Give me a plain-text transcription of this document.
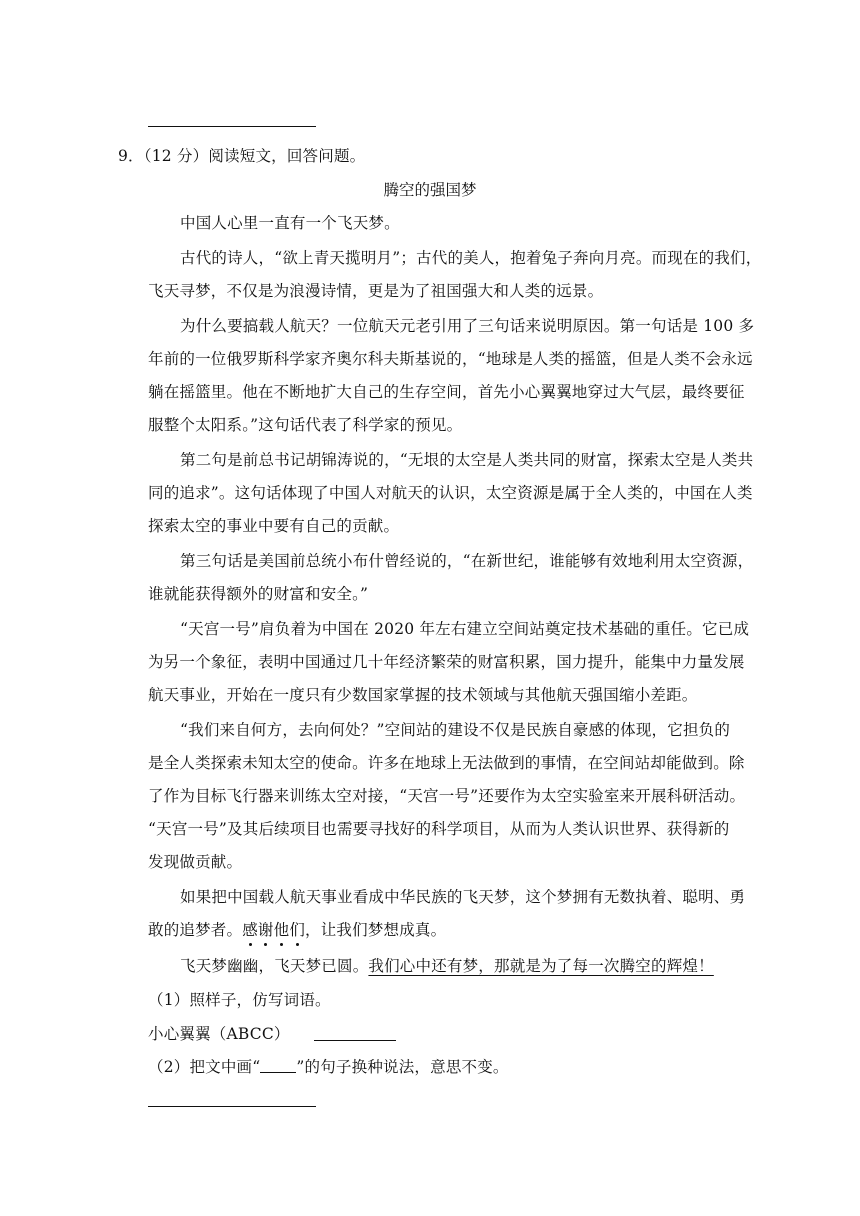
9．（12 分）阅读短文，回答问题。
腾空的强国梦
中国人心里一直有一个飞天梦。
古代的诗人，“欲上青天揽明月”；古代的美人，抱着兔子奔向月亮。而现在的我们，
飞天寻梦，不仅是为浪漫诗情，更是为了祖国强大和人类的远景。
为什么要搞载人航天？一位航天元老引用了三句话来说明原因。第一句话是 100 多
年前的一位俄罗斯科学家齐奥尔科夫斯基说的，“地球是人类的摇篮，但是人类不会永远
躺在摇篮里。他在不断地扩大自己的生存空间，首先小心翼翼地穿过大气层，最终要征
服整个太阳系。”这句话代表了科学家的预见。
第二句是前总书记胡锦涛说的，“无垠的太空是人类共同的财富，探索太空是人类共
同的追求”。这句话体现了中国人对航天的认识，太空资源是属于全人类的，中国在人类
探索太空的事业中要有自己的贡献。
第三句话是美国前总统小布什曾经说的，“在新世纪，谁能够有效地利用太空资源，
谁就能获得额外的财富和安全。”
“天宫一号”肩负着为中国在 2020 年左右建立空间站奠定技术基础的重任。它已成
为另一个象征，表明中国通过几十年经济繁荣的财富积累，国力提升，能集中力量发展
航天事业，开始在一度只有少数国家掌握的技术领域与其他航天强国缩小差距。
“我们来自何方，去向何处？”空间站的建设不仅是民族自豪感的体现，它担负的
是全人类探索未知太空的使命。许多在地球上无法做到的事情，在空间站却能做到。除
了作为目标飞行器来训练太空对接，“天宫一号”还要作为太空实验室来开展科研活动。
“天宫一号”及其后续项目也需要寻找好的科学项目，从而为人类认识世界、获得新的
发现做贡献。
如果把中国载人航天事业看成中华民族的飞天梦，这个梦拥有无数执着、聪明、勇
敢的追梦者。感谢他们，让我们梦想成真。
飞天梦幽幽，飞天梦已圆。我们心中还有梦，那就是为了每一次腾空的辉煌！
（1）照样子，仿写词语。
小心翼翼（ABCC）
（2）把文中画“ ”的句子换种说法，意思不变。
